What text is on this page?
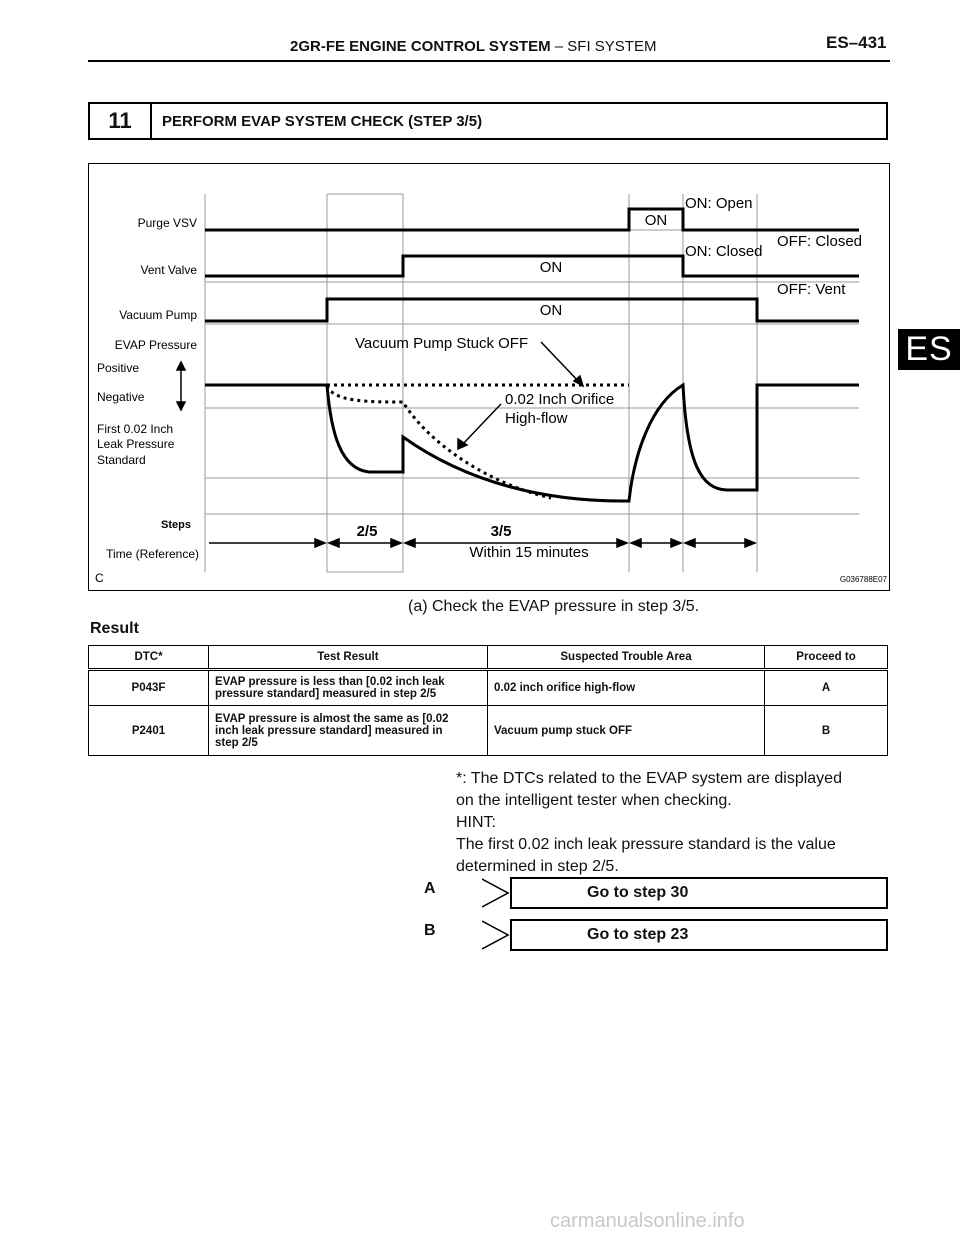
2GR-FE ENGINE CONTROL SYSTEM – SFI SYSTEM	ES–431
ES
11	PERFORM EVAP SYSTEM CHECK (STEP 3/5)
Purge VSV
Vent Valve
Vacuum Pump
EVAP Pressure
Positive
Negative
First 0.02 Inch
Leak Pressure
Standard
Steps
Time (Reference)
C
ON
ON
ON
ON: Open
ON: Closed
OFF: Closed
OFF: Vent
Vacuum Pump Stuck OFF
0.02 Inch Orifice
High-flow
2/5	3/5
Within 15 minutes
G036788E07
(a) Check the EVAP pressure in step 3/5.
Result
DTC*	Test Result	Suspected Trouble Area	Proceed to
P043F	EVAP pressure is less than [0.02 inch leak
pressure standard] measured in step 2/5	0.02 inch orifice high-flow	A
P2401	EVAP pressure is almost the same as [0.02
inch leak pressure standard] measured in
step 2/5	Vacuum pump stuck OFF	B
*: The DTCs related to the EVAP system are displayed
on the intelligent tester when checking.
HINT:
The first 0.02 inch leak pressure standard is the value
determined in step 2/5.
A	Go to step 30
B	Go to step 23
carmanualsonline.info
